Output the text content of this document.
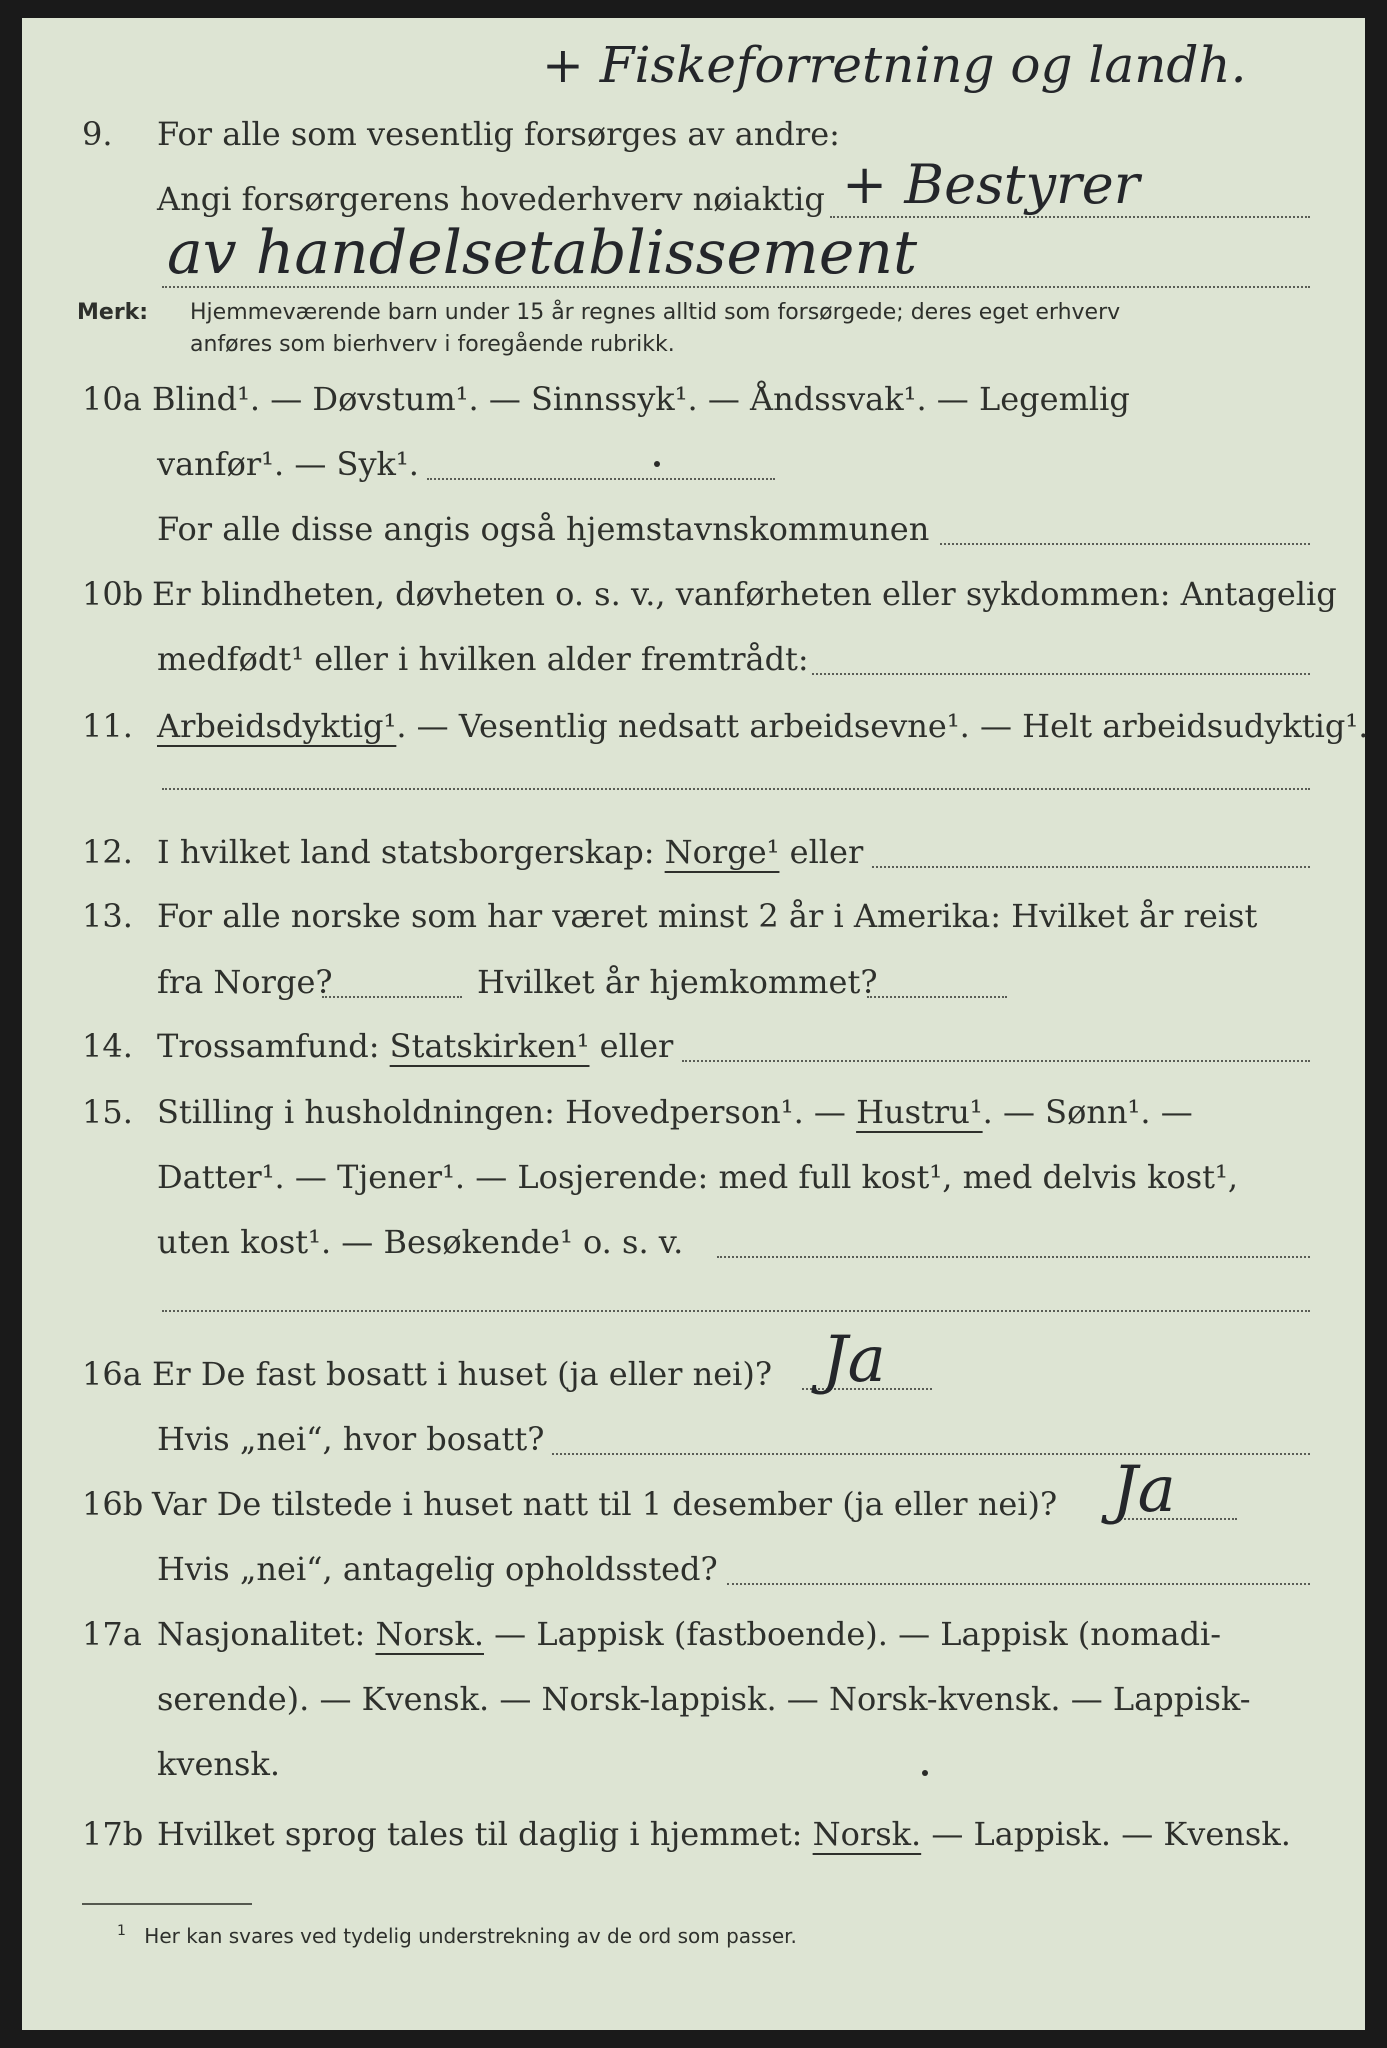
+ Fiskeforretning og landh.
9. For alle som vesentlig forsørges av andre:
Angi forsørgerens hovederhverv nøiaktig + Bestyrer
av handelsetablissement
Merk: Hjemmeværende barn under 15 år regnes alltid som forsørgede; deres eget erhverv
anføres som bierhverv i foregående rubrikk.
10a Blind¹. — Døvstum¹. — Sinnssyk¹. — Åndssvak¹. — Legemlig
vanfør¹. — Syk¹.
For alle disse angis også hjemstavnskommunen
10b Er blindheten, døvheten o. s. v., vanførheten eller sykdommen: Antagelig
medfødt¹ eller i hvilken alder fremtrådt:
11. Arbeidsdyktig¹. — Vesentlig nedsatt arbeidsevne¹. — Helt arbeidsudyktig¹.
12. I hvilket land statsborgerskap: Norge¹ eller
13. For alle norske som har været minst 2 år i Amerika: Hvilket år reist
fra Norge?	Hvilket år hjemkommet?
14. Trossamfund: Statskirken¹ eller
15. Stilling i husholdningen: Hovedperson¹. — Hustru¹. — Sønn¹. —
Datter¹. — Tjener¹. — Losjerende: med full kost¹, med delvis kost¹,
uten kost¹. — Besøkende¹ o. s. v.
16a Er De fast bosatt i huset (ja eller nei)? Ja
Hvis „nei“, hvor bosatt?
16b Var De tilstede i huset natt til 1 desember (ja eller nei)? Ja
Hvis „nei“, antagelig opholdssted?
17a Nasjonalitet: Norsk. — Lappisk (fastboende). — Lappisk (nomadi-
serende). — Kvensk. — Norsk-lappisk. — Norsk-kvensk. — Lappisk-
kvensk.
17b Hvilket sprog tales til daglig i hjemmet: Norsk. — Lappisk. — Kvensk.
$^1$ Her kan svares ved tydelig understrekning av de ord som passer.
